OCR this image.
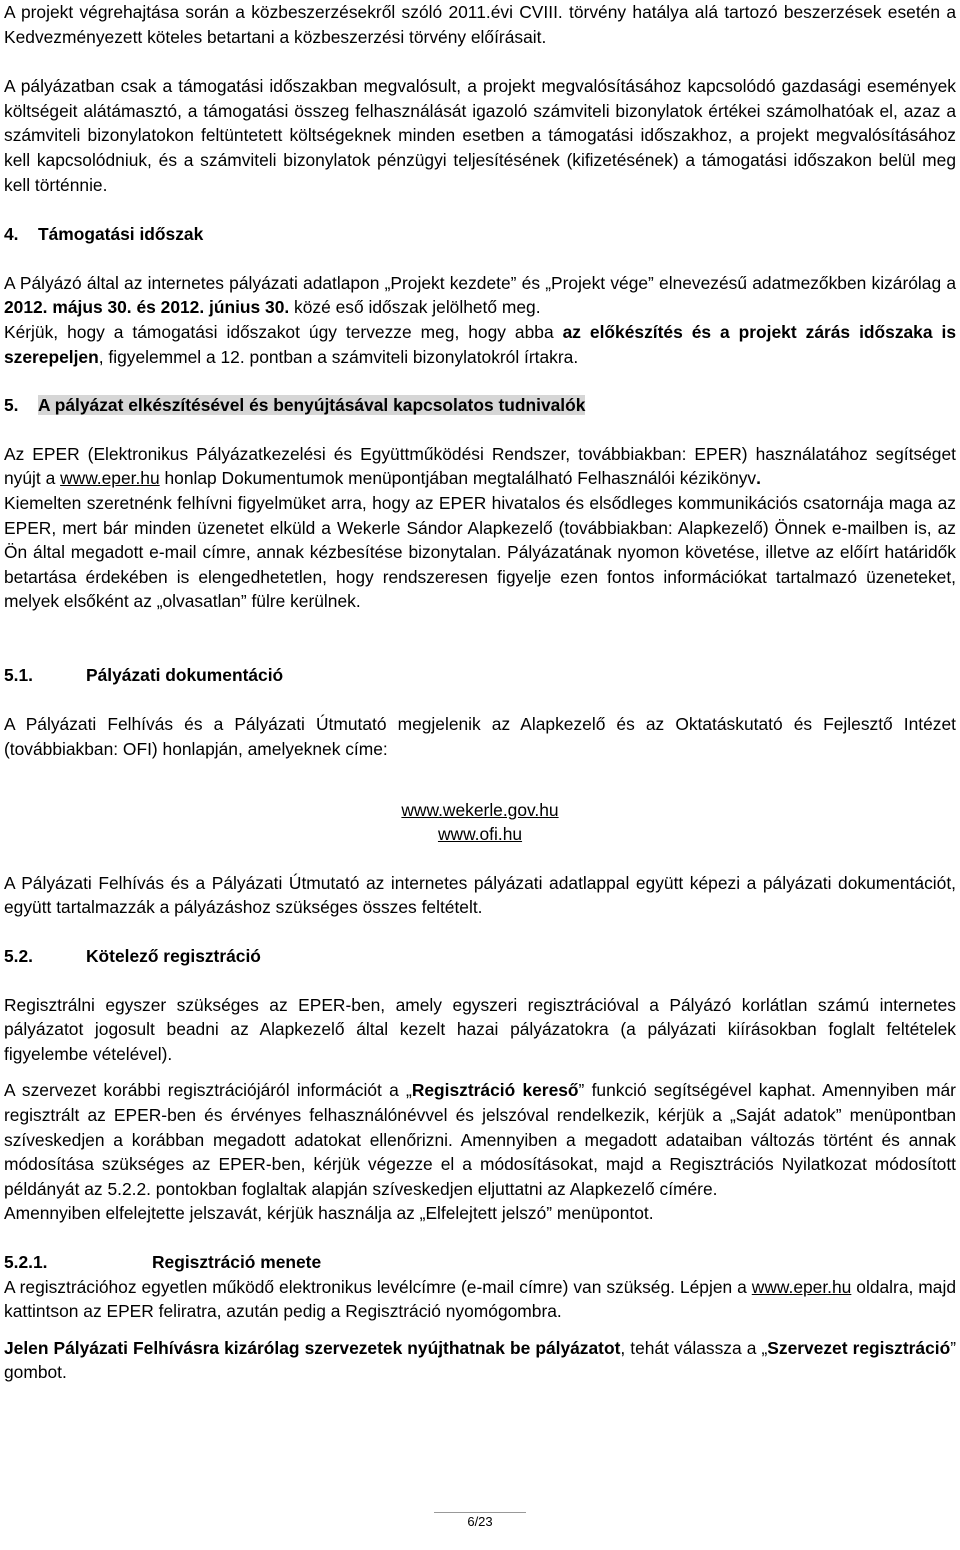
A projekt végrehajtása során a közbeszerzésekről szóló 2011.évi CVIII. törvény hatálya alá tartozó beszerzések esetén a Kedvezményezett köteles betartani a közbeszerzési törvény előírásait.

A pályázatban csak a támogatási időszakban megvalósult, a projekt megvalósításához kapcsolódó gazdasági események költségeit alátámasztó, a támogatási összeg felhasználását igazoló számviteli bizonylatok értékei számolhatóak el, azaz a számviteli bizonylatokon feltüntetett költségeknek minden esetben a támogatási időszakhoz, a projekt megvalósításához kell kapcsolódniuk, és a számviteli bizonylatok pénzügyi teljesítésének (kifizetésének) a támogatási időszakon belül meg kell történnie.

4. Támogatási időszak

A Pályázó által az internetes pályázati adatlapon „Projekt kezdete” és „Projekt vége” elnevezésű adatmezőkben kizárólag a 2012. május 30. és 2012. június 30. közé eső időszak jelölhető meg.

Kérjük, hogy a támogatási időszakot úgy tervezze meg, hogy abba az előkészítés és a projekt zárás időszaka is szerepeljen, figyelemmel a 12. pontban a számviteli bizonylatokról írtakra.

5. A pályázat elkészítésével és benyújtásával kapcsolatos tudnivalók

Az EPER (Elektronikus Pályázatkezelési és Együttműködési Rendszer, továbbiakban: EPER) használatához segítséget nyújt a www.eper.hu honlap Dokumentumok menüpontjában megtalálható Felhasználói kézikönyv.

Kiemelten szeretnénk felhívni figyelmüket arra, hogy az EPER hivatalos és elsődleges kommunikációs csatornája maga az EPER, mert bár minden üzenetet elküld a Wekerle Sándor Alapkezelő (továbbiakban: Alapkezelő) Önnek e-mailben is, az Ön által megadott e-mail címre, annak kézbesítése bizonytalan. Pályázatának nyomon követése, illetve az előírt határidők betartása érdekében is elengedhetetlen, hogy rendszeresen figyelje ezen fontos információkat tartalmazó üzeneteket, melyek elsőként az „olvasatlan” fülre kerülnek.

5.1.	Pályázati dokumentáció

A Pályázati Felhívás és a Pályázati Útmutató megjelenik az Alapkezelő és az Oktatáskutató és Fejlesztő Intézet (továbbiakban: OFI) honlapján, amelyeknek címe:

www.wekerle.gov.hu

www.ofi.hu

A Pályázati Felhívás és a Pályázati Útmutató az internetes pályázati adatlappal együtt képezi a pályázati dokumentációt, együtt tartalmazzák a pályázáshoz szükséges összes feltételt.

5.2.	Kötelező regisztráció

Regisztrálni egyszer szükséges az EPER-ben, amely egyszeri regisztrációval a Pályázó korlátlan számú internetes pályázatot jogosult beadni az Alapkezelő által kezelt hazai pályázatokra (a pályázati kiírásokban foglalt feltételek figyelembe vételével).

A szervezet korábbi regisztrációjáról információt a „Regisztráció kereső” funkció segítségével kaphat. Amennyiben már regisztrált az EPER-ben és érvényes felhasználónévvel és jelszóval rendelkezik, kérjük a „Saját adatok” menüpontban szíveskedjen a korábban megadott adatokat ellenőrizni. Amennyiben a megadott adataiban változás történt és annak módosítása szükséges az EPER-ben, kérjük végezze el a módosításokat, majd a Regisztrációs Nyilatkozat módosított példányát az 5.2.2. pontokban foglaltak alapján szíveskedjen eljuttatni az Alapkezelő címére.

Amennyiben elfelejtette jelszavát, kérjük használja az „Elfelejtett jelszó” menüpontot.

5.2.1.	Regisztráció menete

A regisztrációhoz egyetlen működő elektronikus levélcímre (e-mail címre) van szükség. Lépjen a www.eper.hu oldalra, majd kattintson az EPER feliratra, azután pedig a Regisztráció nyomógombra.

Jelen Pályázati Felhívásra kizárólag szervezetek nyújthatnak be pályázatot, tehát válassza a „Szervezet regisztráció” gombot.

6/23
